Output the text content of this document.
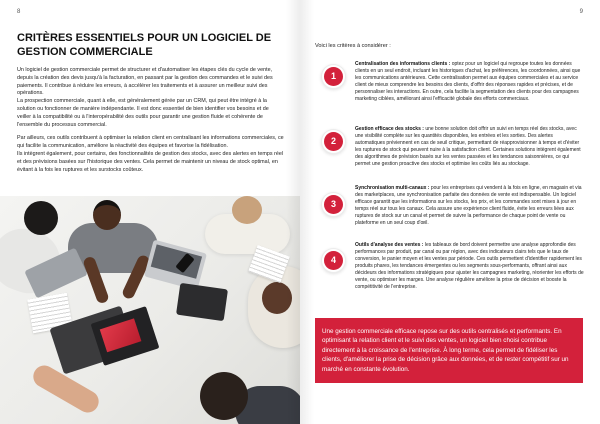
8
CRITÈRES ESSENTIELS POUR UN LOGICIEL DE GESTION COMMERCIALE

Un logiciel de gestion commerciale permet de structurer et d'automatiser les étapes clés du cycle de vente, depuis la création des devis jusqu'à la facturation, en passant par la gestion des commandes et le suivi des paiements. Il contribue à réduire les erreurs, à accélérer les traitements et à assurer un meilleur suivi des opérations.

La prospection commerciale, quant à elle, est généralement gérée par un CRM, qui peut être intégré à la solution ou fonctionner de manière indépendante. Il est donc essentiel de bien identifier vos besoins et de veiller à la compatibilité ou à l'interopérabilité des outils pour garantir une gestion fluide et cohérente de l'ensemble du processus commercial.

Par ailleurs, ces outils contribuent à optimiser la relation client en centralisant les informations commerciales, ce qui facilite la communication, améliore la réactivité des équipes et favorise la fidélisation.

Ils intègrent également, pour certains, des fonctionnalités de gestion des stocks, avec des alertes en temps réel et des prévisions basées sur l'historique des ventes. Cela permet de maintenir un niveau de stock optimal, en évitant à la fois les ruptures et les surstocks coûteux.

9

Voici les critères à considérer :

1

Centralisation des informations clients : optez pour un logiciel qui regroupe toutes les données clients en un seul endroit, incluant les historiques d'achat, les préférences, les coordonnées, ainsi que les communications antérieures. Cette centralisation permet aux équipes commerciales et au service client de mieux comprendre les besoins des clients, d'offrir des réponses rapides et précises, et de personnaliser les interactions. En outre, cela facilite la segmentation des clients pour des campagnes marketing ciblées, améliorant ainsi l'efficacité globale des efforts commerciaux.

2

Gestion efficace des stocks : une bonne solution doit offrir un suivi en temps réel des stocks, avec une visibilité complète sur les quantités disponibles, les entrées et les sorties. Des alertes automatiques préviennent en cas de seuil critique, permettant de réapprovisionner à temps et d'éviter les ruptures de stock qui peuvent nuire à la satisfaction client. Certaines solutions intègrent également des algorithmes de prévision basés sur les ventes passées et les tendances saisonnières, ce qui permet une gestion proactive des stocks et optimise les coûts liés au stockage.

3

Synchronisation multi-canaux : pour les entreprises qui vendent à la fois en ligne, en magasin et via des marketplaces, une synchronisation parfaite des données de vente est indispensable. Un logiciel efficace garantit que les informations sur les stocks, les prix, et les commandes sont mises à jour en temps réel sur tous les canaux. Cela assure une expérience client fluide, évite les erreurs liées aux ruptures de stock sur un canal et permet de suivre la performance de chaque point de vente ou plateforme en un seul coup d'œil.

4

Outils d'analyse des ventes : les tableaux de bord doivent permettre une analyse approfondie des performances par produit, par canal ou par région, avec des indicateurs clairs tels que le taux de conversion, le panier moyen et les ventes par période. Ces outils permettent d'identifier rapidement les produits phares, les tendances émergentes ou les segments sous-performants, offrant ainsi aux décideurs des informations stratégiques pour ajuster les campagnes marketing, réorienter les efforts de vente, ou optimiser les marges. Une analyse régulière améliore la prise de décision et booste la compétitivité de l'entreprise.

Une gestion commerciale efficace repose sur des outils centralisés et performants. En optimisant la relation client et le suivi des ventes, un logiciel bien choisi contribue directement à la croissance de l'entreprise. À long terme, cela permet de fidéliser les clients, d'améliorer la prise de décision grâce aux données, et de rester compétitif sur un marché en constante évolution.
